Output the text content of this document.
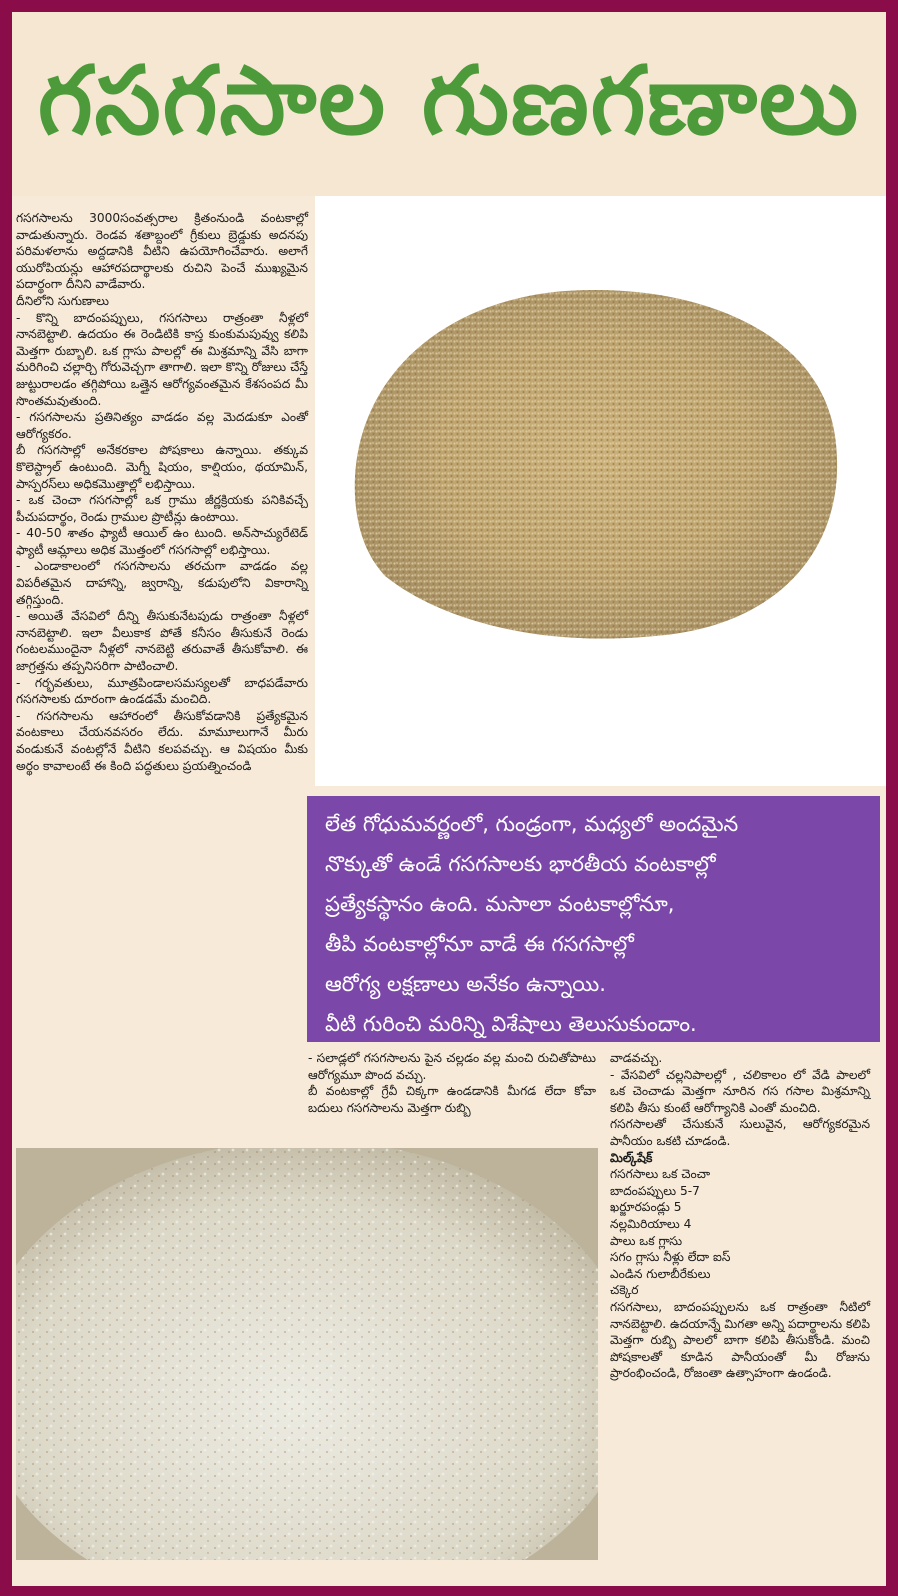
గసగసాల గుణగణాలు

గసగసాలను 3000సంవత్సరాల క్రితంనుండి వంటకాల్లో వాడుతున్నారు. రెండవ శతాబ్దంలో గ్రీకులు బ్రెడ్డుకు అదనపు పరిమళలాను అద్దడానికి వీటిని ఉపయోగించేవారు. అలాగే యురోపియన్లు ఆహారపదార్థాలకు రుచిని పెంచే ముఖ్యమైన పదార్థంగా దీనిని వాడేవారు.

దీనిలోని సుగుణాలు

- కొన్ని బాదంపప్పులు, గసగసాలు రాత్రంతా నీళ్లలో నానబెట్టాలి. ఉదయం ఈ రెండిటికి కాస్త కుంకుమపువ్వు కలిపి మెత్తగా రుబ్బాలి. ఒక గ్లాసు పాలల్లో ఈ మిశ్రమాన్ని వేసి బాగా మరిగించి చల్లార్చి గోరువెచ్చగా తాగాలి. ఇలా కొన్ని రోజులు చేస్తే జుట్టురాలడం తగ్గిపోయి ఒత్తైన ఆరోగ్యవంతమైన కేశసంపద మీ సొంతమవుతుంది.

- గసగసాలను ప్రతినిత్యం వాడడం వల్ల మెదడుకూ ఎంతో ఆరోగ్యకరం.

బీ గసగసాల్లో అనేకరకాల పోషకాలు ఉన్నాయి. తక్కువ కొలెస్ట్రాల్ ఉంటుంది. మెగ్నీ షియం, కాల్షియం, థయామిన్, పాస్పరస్‌లు అధికమొత్తాల్లో లభిస్తాయి.

- ఒక చెంచా గసగసాల్లో ఒక గ్రాము జీర్ణక్రియకు పనికివచ్చే పీచుపదార్థం, రెండు గ్రాముల ప్రొటీన్లు ఉంటాయి.

- 40-50 శాతం ఫ్యాటీ ఆయిల్ ఉం టుంది. అన్‌సాచ్యురేటెడ్ ఫ్యాటీ ఆమ్లాలు అధిక మొత్తంలో గసగసాల్లో లభిస్తాయి.

- ఎండాకాలంలో గసగసాలను తరచుగా వాడడం వల్ల విపరీతమైన దాహాన్ని, జ్వరాన్ని, కడుపులోని వికారాన్ని తగ్గిస్తుంది.

- అయితే వేసవిలో దీన్ని తీసుకునేటపుడు రాత్రంతా నీళ్లలో నానబెట్టాలి. ఇలా వీలుకాక పోతే కనీసం తీసుకునే రెండు గంటలముందైనా నీళ్లలో నానబెట్టి తరువాతే తీసుకోవాలి. ఈ జాగ్రత్తను తప్పనిసరిగా పాటించాలి.

- గర్భవతులు, మూత్రపిండాలసమస్యలతో బాధపడేవారు గసగసాలకు దూరంగా ఉండడమే మంచిది.

- గసగసాలను ఆహారంలో తీసుకోవడానికి ప్రత్యేకమైన వంటకాలు చేయనవసరం లేదు. మామూలుగానే మీరు వండుకునే వంటల్లోనే వీటిని కలపవచ్చు. ఆ విషయం మీకు అర్థం కావాలంటే ఈ కింది పద్ధతులు ప్రయత్నించండి

లేత గోధుమవర్ణంలో, గుండ్రంగా, మధ్యలో అందమైన

నొక్కుతో ఉండే గసగసాలకు భారతీయ వంటకాల్లో

ప్రత్యేకస్థానం ఉంది. మసాలా వంటకాల్లోనూ,

తీపి వంటకాల్లోనూ వాడే ఈ గసగసాల్లో

ఆరోగ్య లక్షణాలు అనేకం ఉన్నాయి.

వీటి గురించి మరిన్ని విశేషాలు తెలుసుకుందాం.

- సలాడ్లలో గసగసాలను పైన చల్లడం వల్ల మంచి రుచితోపాటు ఆరోగ్యమూ పొంద వచ్చు.

బీ వంటకాల్లో గ్రేవీ చిక్కగా ఉండడానికి మీగడ లేదా కోవా బదులు గసగసాలను మెత్తగా రుబ్బి

వాడవచ్చు.

- వేసవిలో చల్లనిపాలల్లో , చలికాలం లో వేడి పాలలో ఒక చెంచాడు మెత్తగా నూరిన గస గసాల మిశ్రమాన్ని కలిపి తీసు కుంటే ఆరోగ్యానికి ఎంతో మంచిది.

గసగసాలతో చేసుకునే సులువైన, ఆరోగ్యకరమైన పానీయం ఒకటి చూడండి.

మిల్క్‌షేక్

గసగసాలు ఒక చెంచా

బాదంపప్పులు 5-7

ఖర్జూరపండ్లు 5

నల్లమిరియాలు 4

పాలు ఒక గ్లాసు

సగం గ్లాసు నీళ్లు లేదా ఐస్

ఎండిన గులాబీరేకులు

చక్కెర

గసగసాలు, బాదంపప్పులను ఒక రాత్రంతా నీటిలో నానబెట్టాలి. ఉదయాన్నే మిగతా అన్ని పదార్థాలను కలిపి మెత్తగా రుబ్బి పాలలో బాగా కలిపి తీసుకోండి. మంచి పోషకాలతో కూడిన పానీయంతో మీ రోజును ప్రారంభించండి, రోజంతా ఉత్సాహంగా ఉండండి.
